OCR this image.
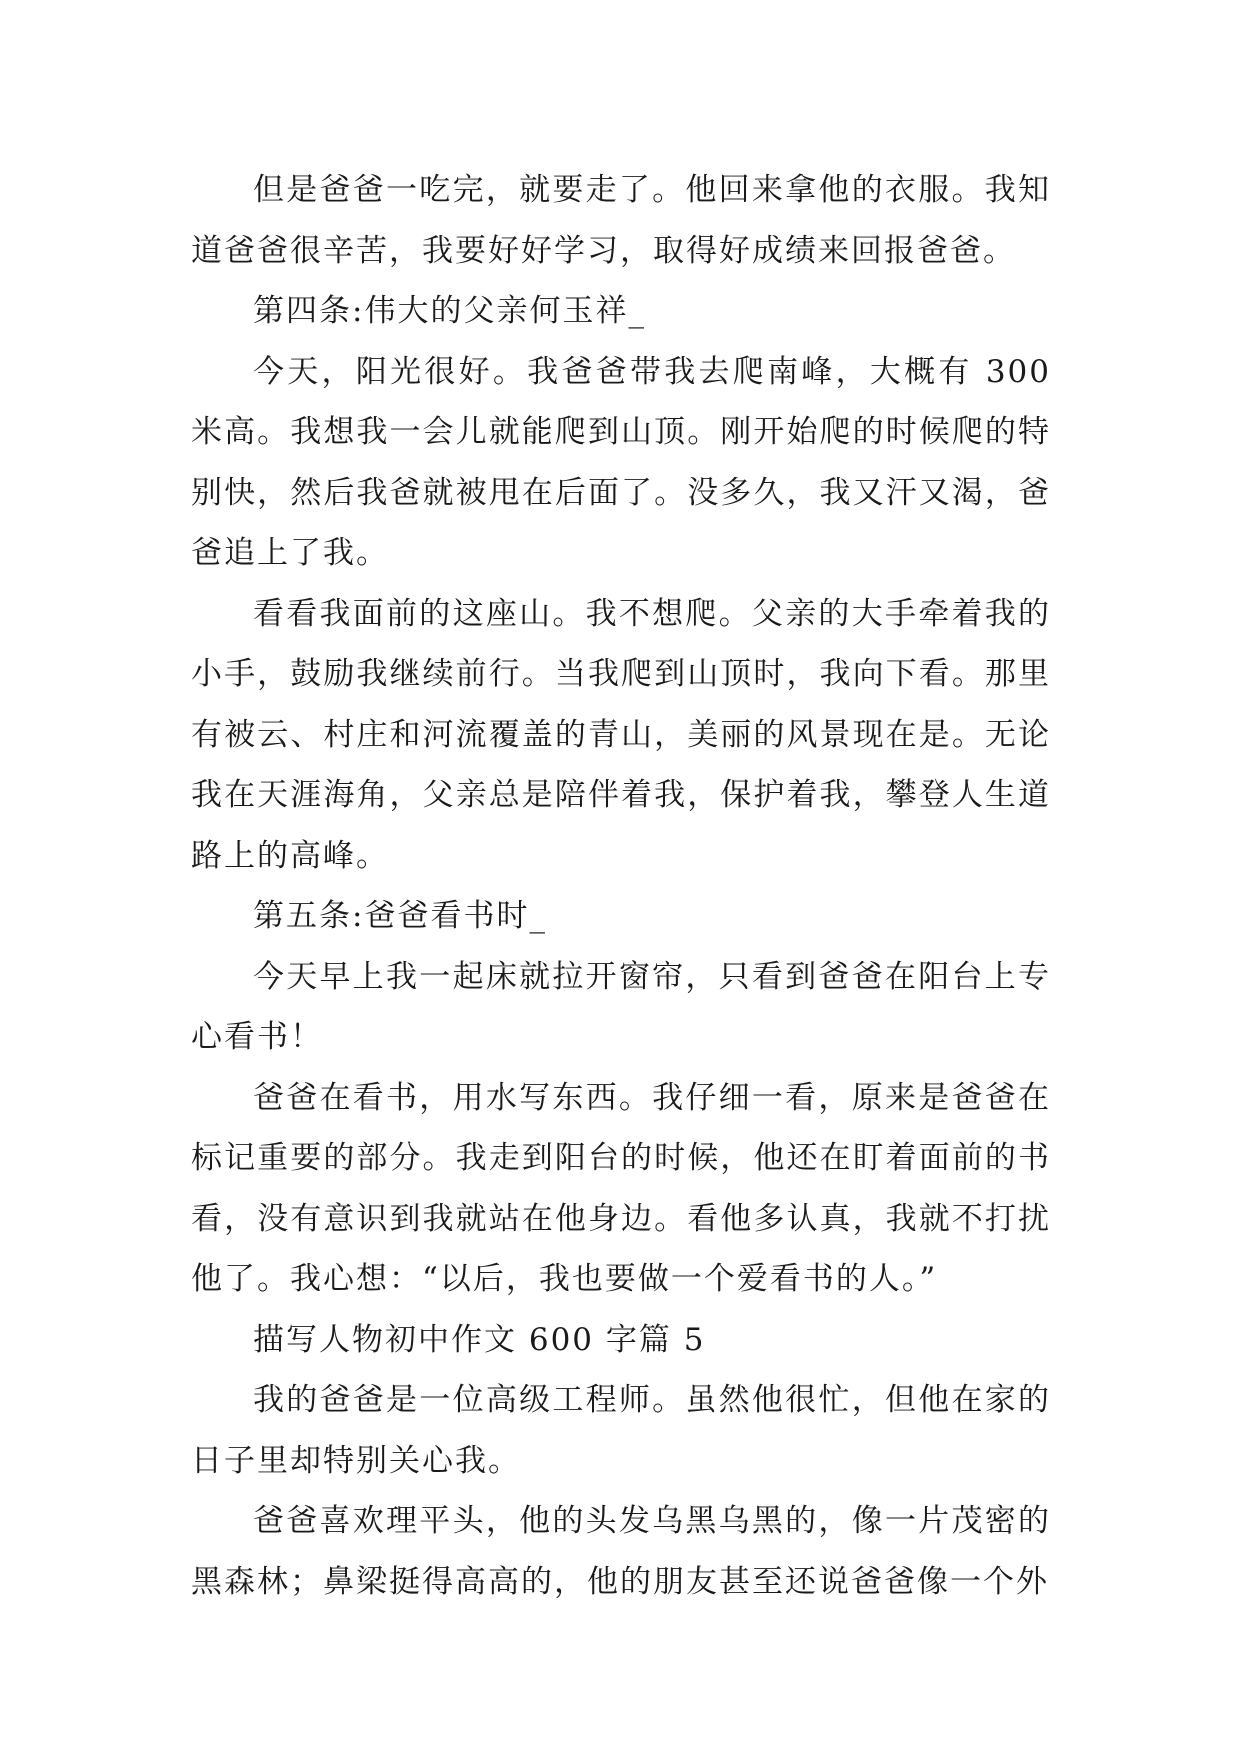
但是爸爸一吃完，就要走了。他回来拿他的衣服。我知道爸爸很辛苦，我要好好学习，取得好成绩来回报爸爸。

第四条:伟大的父亲何玉祥_

今天，阳光很好。我爸爸带我去爬南峰，大概有 300 米高。我想我一会儿就能爬到山顶。刚开始爬的时候爬的特别快，然后我爸就被甩在后面了。没多久，我又汗又渴，爸爸追上了我。

看看我面前的这座山。我不想爬。父亲的大手牵着我的小手，鼓励我继续前行。当我爬到山顶时，我向下看。那里有被云、村庄和河流覆盖的青山，美丽的风景现在是。无论我在天涯海角，父亲总是陪伴着我，保护着我，攀登人生道路上的高峰。

第五条:爸爸看书时_

今天早上我一起床就拉开窗帘，只看到爸爸在阳台上专心看书！

爸爸在看书，用水写东西。我仔细一看，原来是爸爸在标记重要的部分。我走到阳台的时候，他还在盯着面前的书看，没有意识到我就站在他身边。看他多认真，我就不打扰他了。我心想：“以后，我也要做一个爱看书的人。”

描写人物初中作文 600 字篇 5

我的爸爸是一位高级工程师。虽然他很忙，但他在家的日子里却特别关心我。

爸爸喜欢理平头，他的头发乌黑乌黑的，像一片茂密的黑森林；鼻梁挺得高高的，他的朋友甚至还说爸爸像一个外
